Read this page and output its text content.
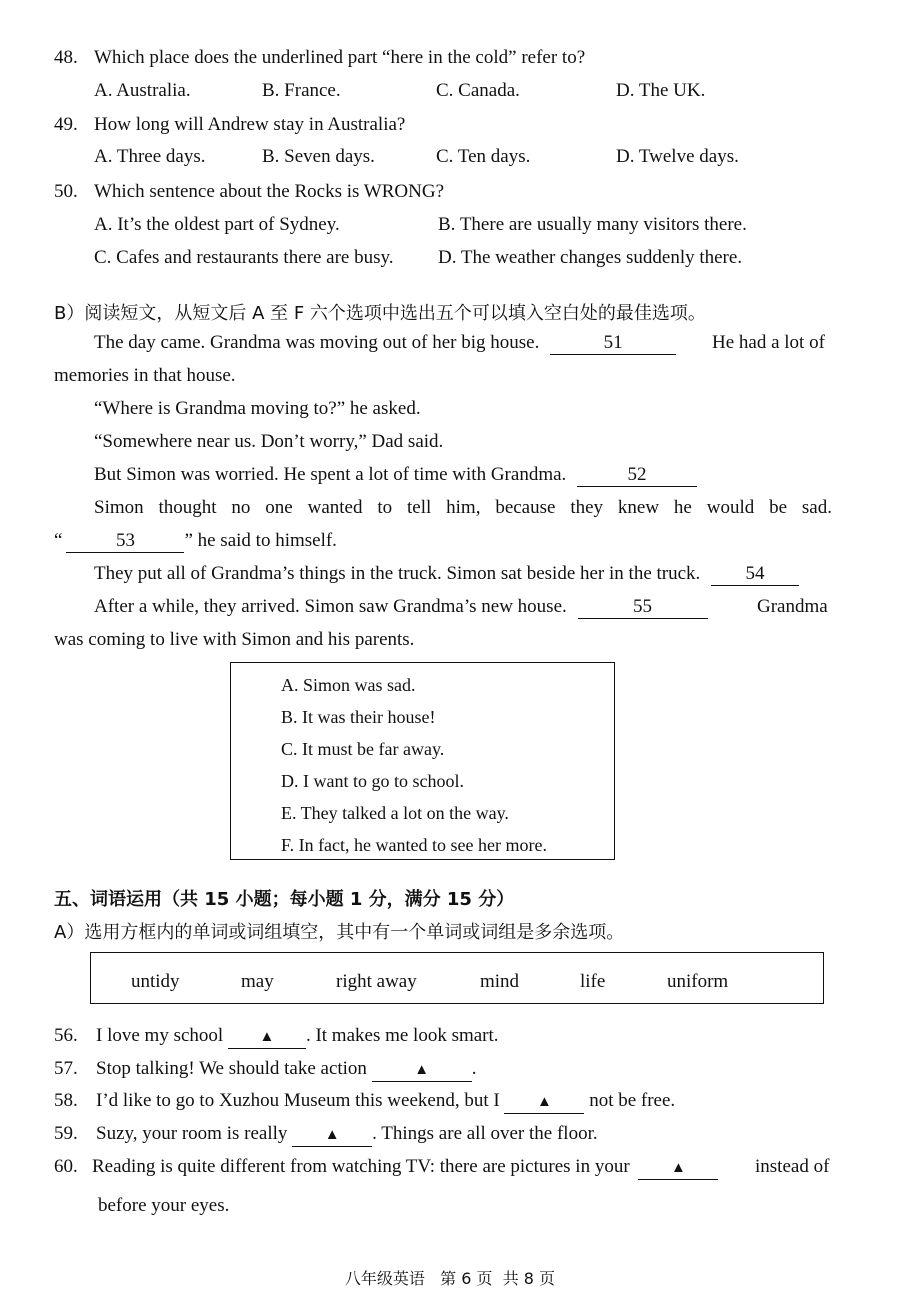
48. Which place does the underlined part “here in the cold” refer to?
A. Australia.	B. France.	C. Canada.	D. The UK.
49. How long will Andrew stay in Australia?
A. Three days.	B. Seven days.	C. Ten days.	D. Twelve days.
50. Which sentence about the Rocks is WRONG?
A. It’s the oldest part of Sydney.	B. There are usually many visitors there.
C. Cafes and restaurants there are busy. D. The weather changes suddenly there.
B）阅读短文，从短文后 A 至 F 六个选项中选出五个可以填入空白处的最佳选项。
The day came. Grandma was moving out of her big house.	51	He had a lot of
memories in that house.
“Where is Grandma moving to?” he asked.
“Somewhere near us. Don’t worry,” Dad said.
But Simon was worried. He spent a lot of time with Grandma.	52
Simon thought no one wanted to tell him, because they knew he would be sad.
“	53	” he said to himself.
They put all of Grandma’s things in the truck. Simon sat beside her in the truck. 54
After a while, they arrived. Simon saw Grandma’s new house.	55	Grandma
was coming to live with Simon and his parents.
A. Simon was sad.
B. It was their house!
C. It must be far away.
D. I want to go to school.
E. They talked a lot on the way.
F. In fact, he wanted to see her more.
五、词语运用（共 15 小题；每小题 1 分，满分 15 分）
A）选用方框内的单词或词组填空，其中有一个单词或词组是多余选项。
untidy	may	right away	mind	life	uniform
56. I love my school ▲ . It makes me look smart.
57. Stop talking! We should take action	▲ .
58. I’d like to go to Xuzhou Museum this weekend, but I ▲ not be free.
59. Suzy, your room is really ▲ . Things are all over the floor.
60. Reading is quite different from watching TV: there are pictures in your	▲	instead of
before your eyes.
八年级英语   第 6 页  共 8 页
